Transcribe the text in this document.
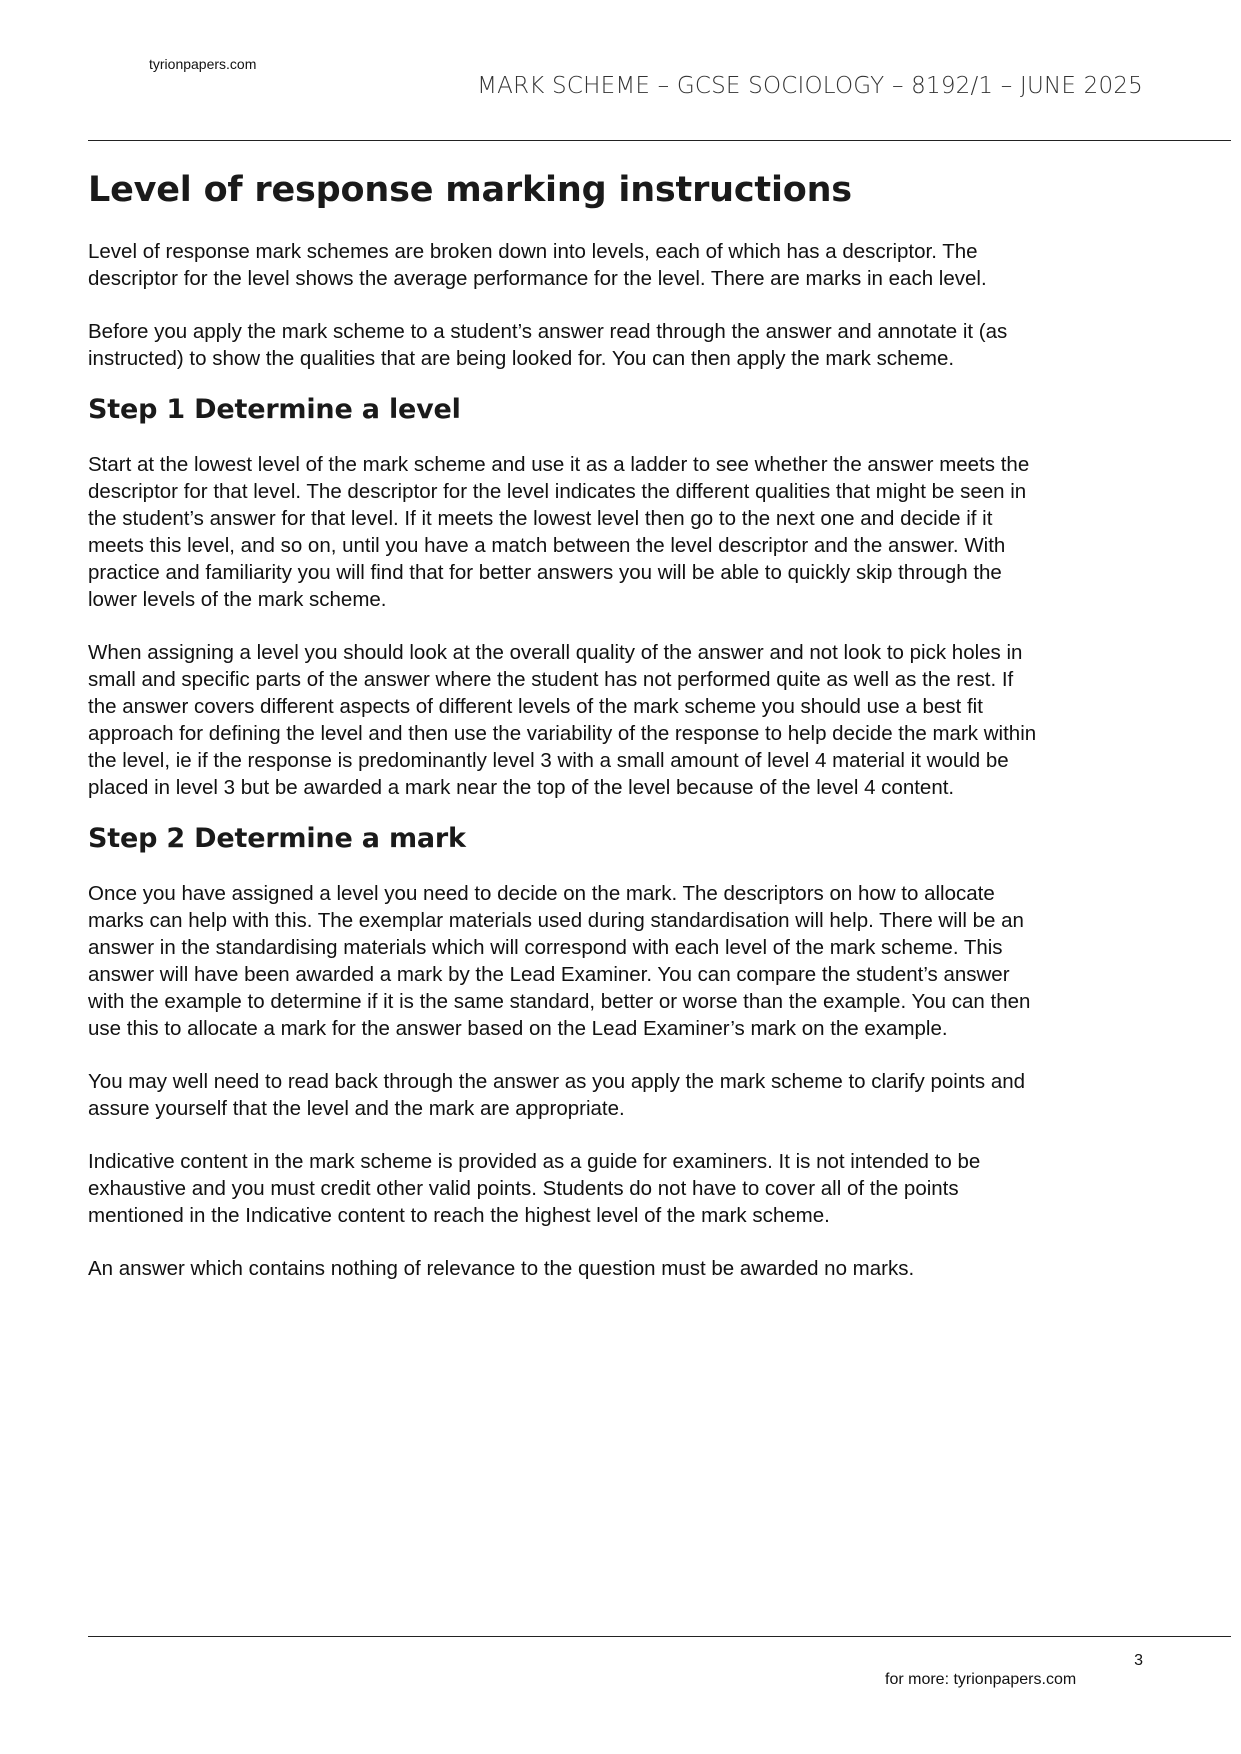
tyrionpapers.com
MARK SCHEME – GCSE SOCIOLOGY – 8192/1 – JUNE 2025
Level of response marking instructions

Level of response mark schemes are broken down into levels, each of which has a descriptor. The
descriptor for the level shows the average performance for the level. There are marks in each level.

Before you apply the mark scheme to a student’s answer read through the answer and annotate it (as
instructed) to show the qualities that are being looked for. You can then apply the mark scheme.

Step 1 Determine a level

Start at the lowest level of the mark scheme and use it as a ladder to see whether the answer meets the
descriptor for that level. The descriptor for the level indicates the different qualities that might be seen in
the student’s answer for that level. If it meets the lowest level then go to the next one and decide if it
meets this level, and so on, until you have a match between the level descriptor and the answer. With
practice and familiarity you will find that for better answers you will be able to quickly skip through the
lower levels of the mark scheme.

When assigning a level you should look at the overall quality of the answer and not look to pick holes in
small and specific parts of the answer where the student has not performed quite as well as the rest. If
the answer covers different aspects of different levels of the mark scheme you should use a best fit
approach for defining the level and then use the variability of the response to help decide the mark within
the level, ie if the response is predominantly level 3 with a small amount of level 4 material it would be
placed in level 3 but be awarded a mark near the top of the level because of the level 4 content.

Step 2 Determine a mark

Once you have assigned a level you need to decide on the mark. The descriptors on how to allocate
marks can help with this. The exemplar materials used during standardisation will help. There will be an
answer in the standardising materials which will correspond with each level of the mark scheme. This
answer will have been awarded a mark by the Lead Examiner. You can compare the student’s answer
with the example to determine if it is the same standard, better or worse than the example. You can then
use this to allocate a mark for the answer based on the Lead Examiner’s mark on the example.

You may well need to read back through the answer as you apply the mark scheme to clarify points and
assure yourself that the level and the mark are appropriate.

Indicative content in the mark scheme is provided as a guide for examiners. It is not intended to be
exhaustive and you must credit other valid points. Students do not have to cover all of the points
mentioned in the Indicative content to reach the highest level of the mark scheme.

An answer which contains nothing of relevance to the question must be awarded no marks.

3
for more: tyrionpapers.com
